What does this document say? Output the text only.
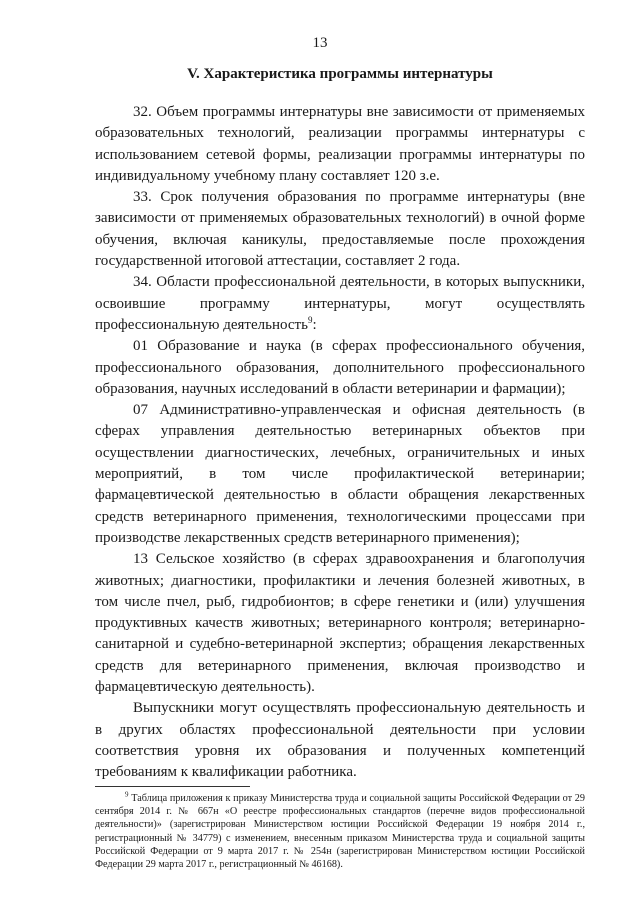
13
V. Характеристика программы интернатуры

32. Объем программы интернатуры вне зависимости от применяемых образовательных технологий, реализации программы интернатуры с использованием сетевой формы, реализации программы интернатуры по индивидуальному учебному плану составляет 120 з.е.

33. Срок получения образования по программе интернатуры (вне зависимости от применяемых образовательных технологий) в очной форме обучения, включая каникулы, предоставляемые после прохождения государственной итоговой аттестации, составляет 2 года.

34. Области профессиональной деятельности, в которых выпускники, освоившие программу интернатуры, могут осуществлять профессиональную деятельность$^9$:

01 Образование и наука (в сферах профессионального обучения, профессионального образования, дополнительного профессионального образования, научных исследований в области ветеринарии и фармации);

07 Административно-управленческая и офисная деятельность (в сферах управления деятельностью ветеринарных объектов при осуществлении диагностических, лечебных, ограничительных и иных мероприятий, в том числе профилактической ветеринарии; фармацевтической деятельностью в области обращения лекарственных средств ветеринарного применения, технологическими процессами при производстве лекарственных средств ветеринарного применения);

13 Сельское хозяйство (в сферах здравоохранения и благополучия животных; диагностики, профилактики и лечения болезней животных, в том числе пчел, рыб, гидробионтов; в сфере генетики и (или) улучшения продуктивных качеств животных; ветеринарного контроля; ветеринарно-санитарной и судебно-ветеринарной экспертиз; обращения лекарственных средств для ветеринарного применения, включая производство и фармацевтическую деятельность).

Выпускники могут осуществлять профессиональную деятельность и в других областях профессиональной деятельности при условии соответствия уровня их образования и полученных компетенций требованиям к квалификации работника.

$^9$ Таблица приложения к приказу Министерства труда и социальной защиты Российской Федерации от 29 сентября 2014 г. № 667н «О реестре профессиональных стандартов (перечне видов профессиональной деятельности)» (зарегистрирован Министерством юстиции Российской Федерации 19 ноября 2014 г., регистрационный № 34779) с изменением, внесенным приказом Министерства труда и социальной защиты Российской Федерации от 9 марта 2017 г. № 254н (зарегистрирован Министерством юстиции Российской Федерации 29 марта 2017 г., регистрационный № 46168).
